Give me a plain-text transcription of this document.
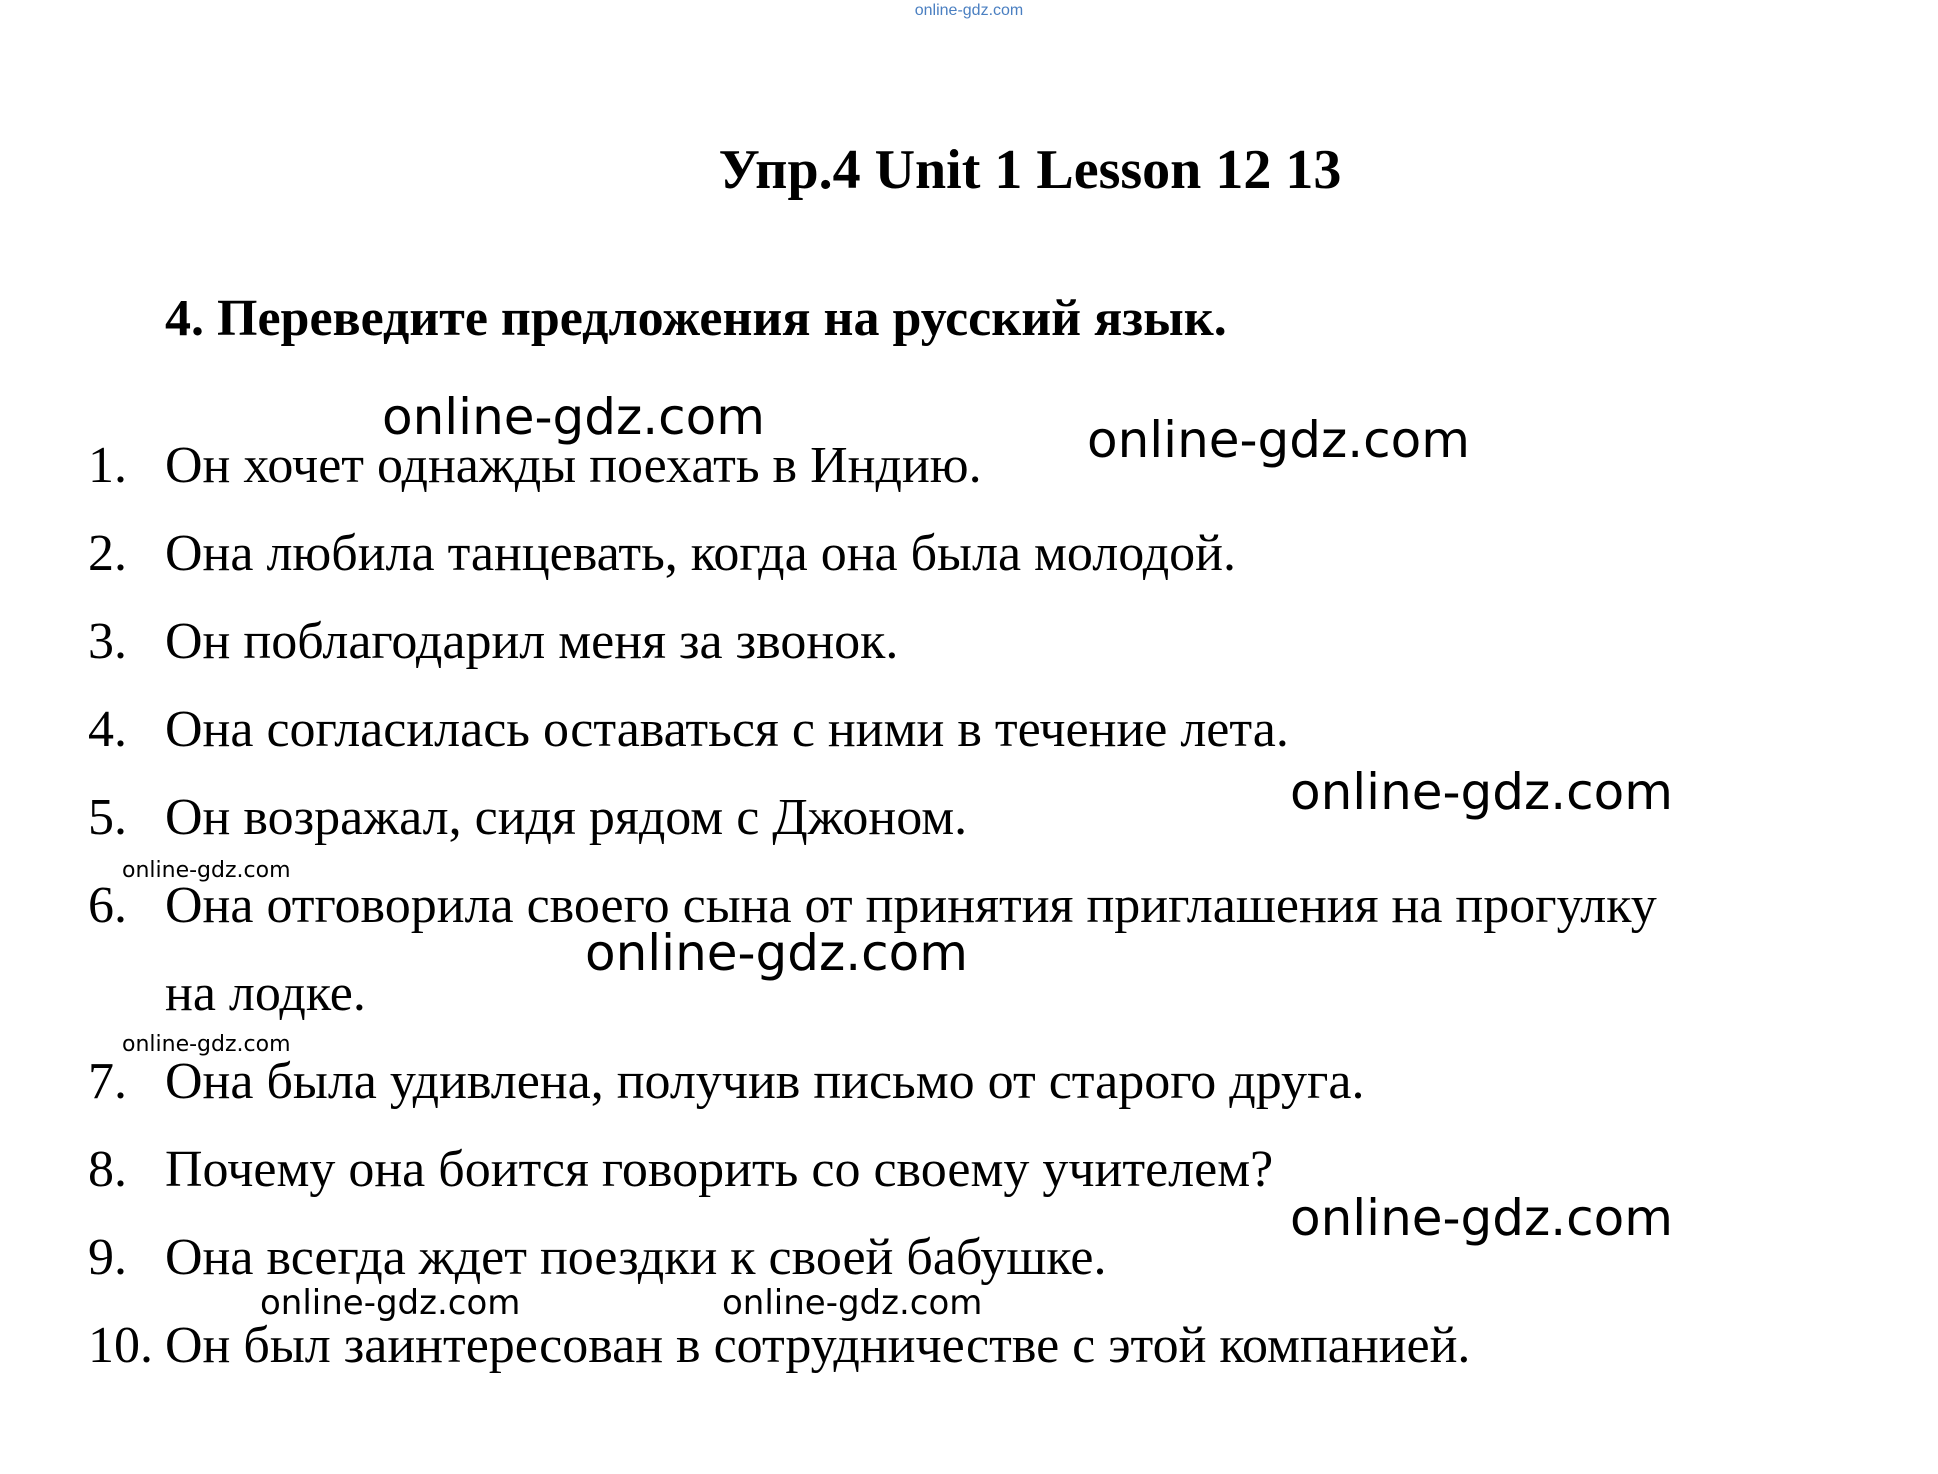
online-gdz.com
Упр.4 Unit 1 Lesson 12 13
4. Переведите предложения на русский язык.
1. Он хочет однажды поехать в Индию.
2. Она любила танцевать, когда она была молодой.
3. Он поблагодарил меня за звонок.
4. Она согласилась оставаться с ними в течение лета.
5. Он возражал, сидя рядом с Джоном.
6. Она отговорила своего сына от принятия приглашения на прогулку
на лодке.
7. Она была удивлена, получив письмо от старого друга.
8. Почему она боится говорить со своему учителем?
9. Она всегда ждет поездки к своей бабушке.
10. Он был заинтересован в сотрудничестве с этой компанией.
online-gdz.com	online-gdz.com
online-gdz.com
online-gdz.com
online-gdz.com
online-gdz.com
online-gdz.com
online-gdz.com	online-gdz.com
